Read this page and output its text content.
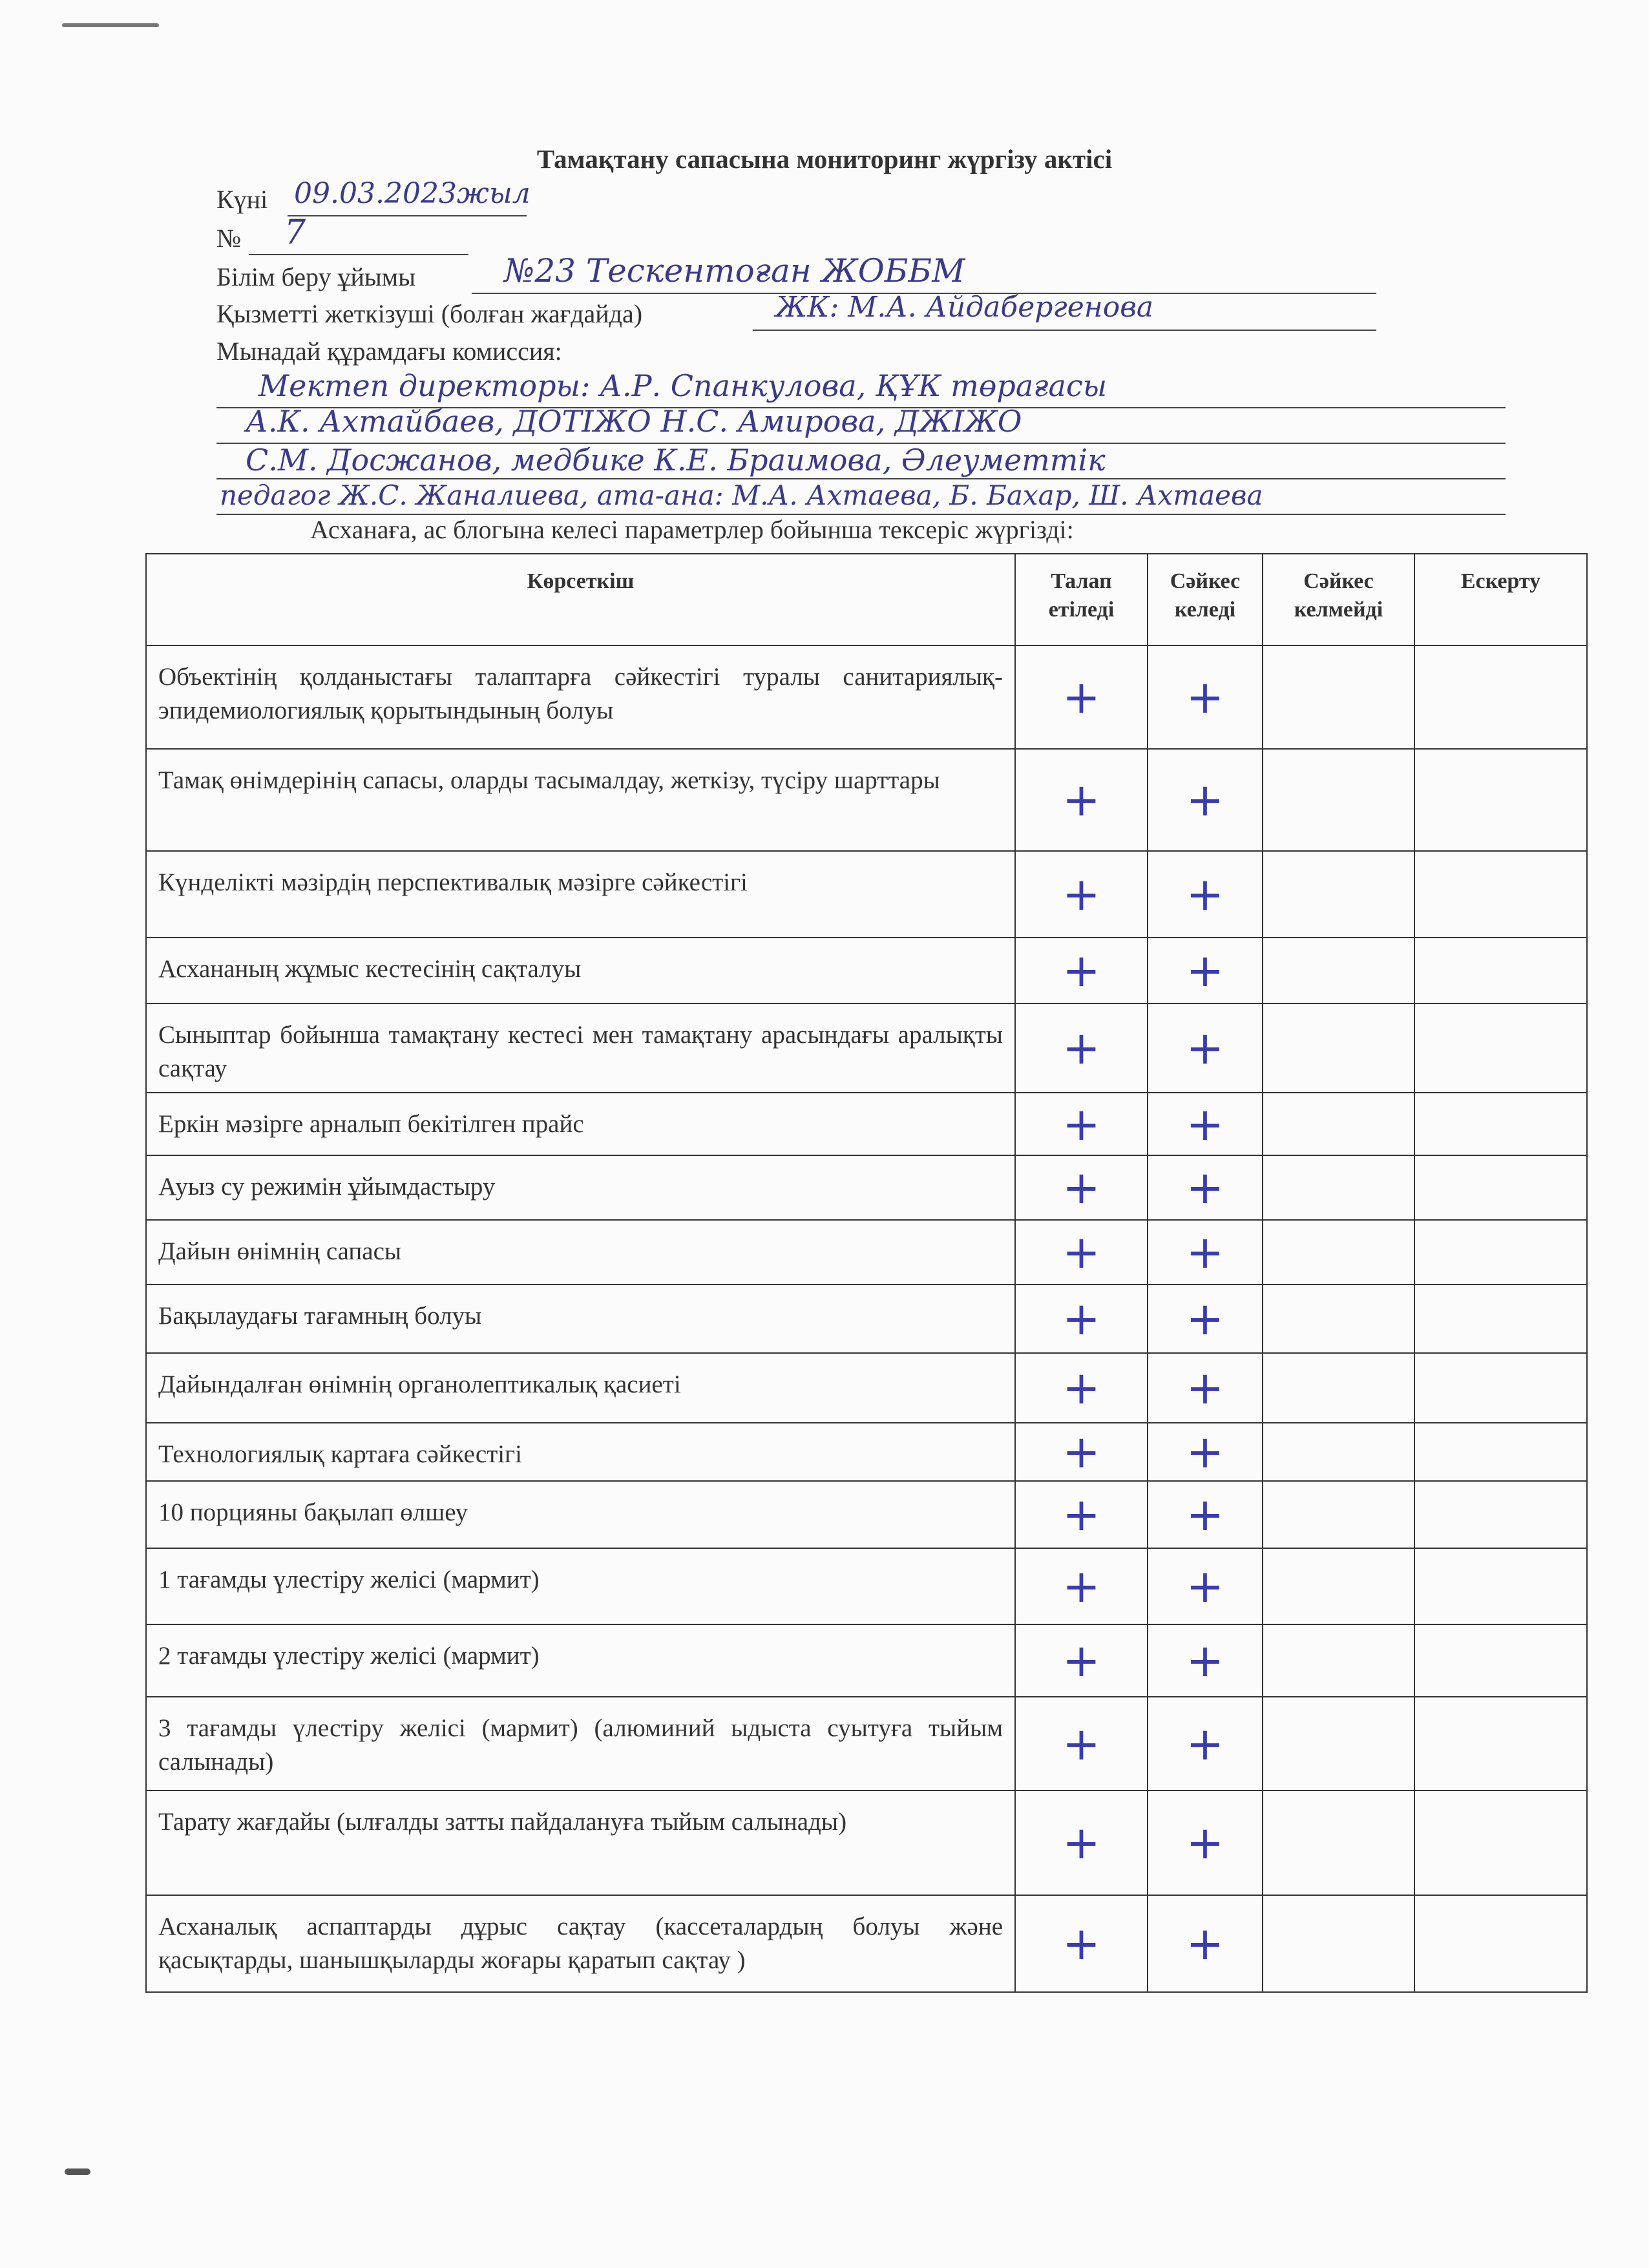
Тамақтану сапасына мониторинг жүргізу актісі
Күні 09.03.2023жыл
№ 7
Білім беру ұйымы	№23 Тескентоған ЖОББМ
Қызметті жеткізуші (болған жағдайда)	ЖК: М.А. Айдабергенова
Мынадай құрамдағы комиссия:
Мектеп директоры: А.Р. Спанкулова, ҚҰК төрағасы
А.К. Ахтайбаев, ДОТІЖО Н.С. Амирова, ДЖІЖО
С.М. Досжанов, медбике К.Е. Браимова, Әлеуметтік
педагог Ж.С. Жаналиева, ата-ана: М.А. Ахтаева, Б. Бахар, Ш. Ахтаева
Асханаға, ас блогына келесі параметрлер бойынша тексеріс жүргізді:
Көрсеткіш	Талап етіледі	Сәйкес келеді	Сәйкес келмейді	Ескерту
Объектінің қолданыстағы талаптарға сәйкестігі туралы санитариялық-эпидемиологиялық қорытындының болуы	+	+		

Тамақ өнімдерінің сапасы, оларды тасымалдау, жеткізу, түсіру шарттары	+	+		

Күнделікті мәзірдің перспективалық мәзірге сәйкестігі	+	+		

Асхананың жұмыс кестесінің сақталуы	+	+		

Сыныптар бойынша тамақтану кестесі мен тамақтану арасындағы аралықты сақтау	+	+		

Еркін мәзірге арналып бекітілген прайс	+	+		

Ауыз су режимін ұйымдастыру	+	+		

Дайын өнімнің сапасы	+	+		

Бақылаудағы тағамның болуы	+	+		

Дайындалған өнімнің органолептикалық қасиеті	+	+		

Технологиялық картаға сәйкестігі	+	+		

10 порцияны бақылап өлшеу	+	+		

1 тағамды үлестіру желісі (мармит)	+	+		

2 тағамды үлестіру желісі (мармит)	+	+		

3 тағамды үлестіру желісі (мармит) (алюминий ыдыста суытуға тыйым салынады)	+	+		

Тарату жағдайы (ылғалды затты пайдалануға тыйым салынады)	+	+		

Асханалық аспаптарды дұрыс сақтау (кассеталардың болуы және қасықтарды, шанышқыларды жоғары қаратып сақтау )	+	+		
